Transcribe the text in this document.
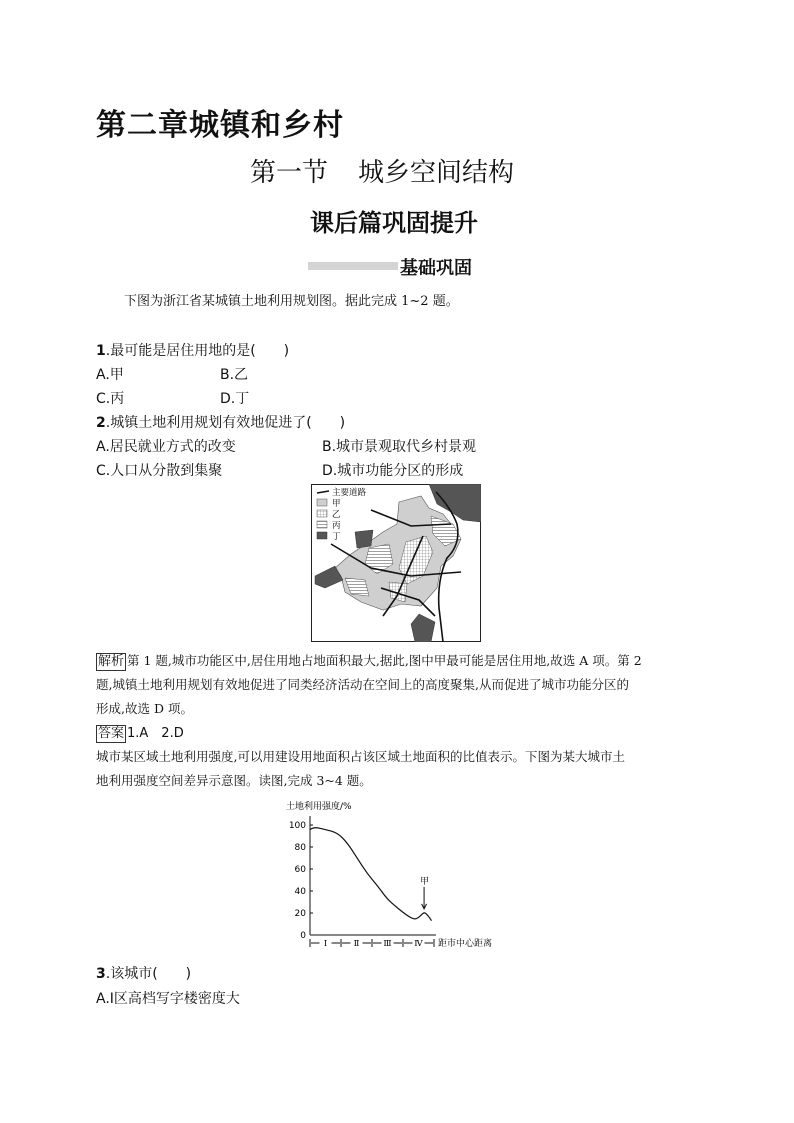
第二章城镇和乡村
第一节 城乡空间结构
课后篇巩固提升
基础巩固
下图为浙江省某城镇土地利用规划图。据此完成 1~2 题。
1.最可能是居住用地的是(　　)
A.甲	B.乙
C.丙	D.丁
2.城镇土地利用规划有效地促进了(　　)
A.居民就业方式的改变	B.城市景观取代乡村景观
C.人口从分散到集聚	D.城市功能分区的形成
主要道路
甲
乙
丙
丁
解析 第 1 题,城市功能区中,居住用地占地面积最大,据此,图中甲最可能是居住用地,故选 A 项。第 2
题,城镇土地利用规划有效地促进了同类经济活动在空间上的高度聚集,从而促进了城市功能分区的
形成,故选 D 项。
答案 1.A　2.D
城市某区域土地利用强度,可以用建设用地面积占该区域土地面积的比值表示。下图为某大城市土
地利用强度空间差异示意图。读图,完成 3~4 题。
土地利用强度/%
距市中心距离
0
20
40
60
80
100
Ⅰ	Ⅱ	Ⅲ	Ⅳ
甲
3.该城市(　　)
A.Ⅰ区高档写字楼密度大
